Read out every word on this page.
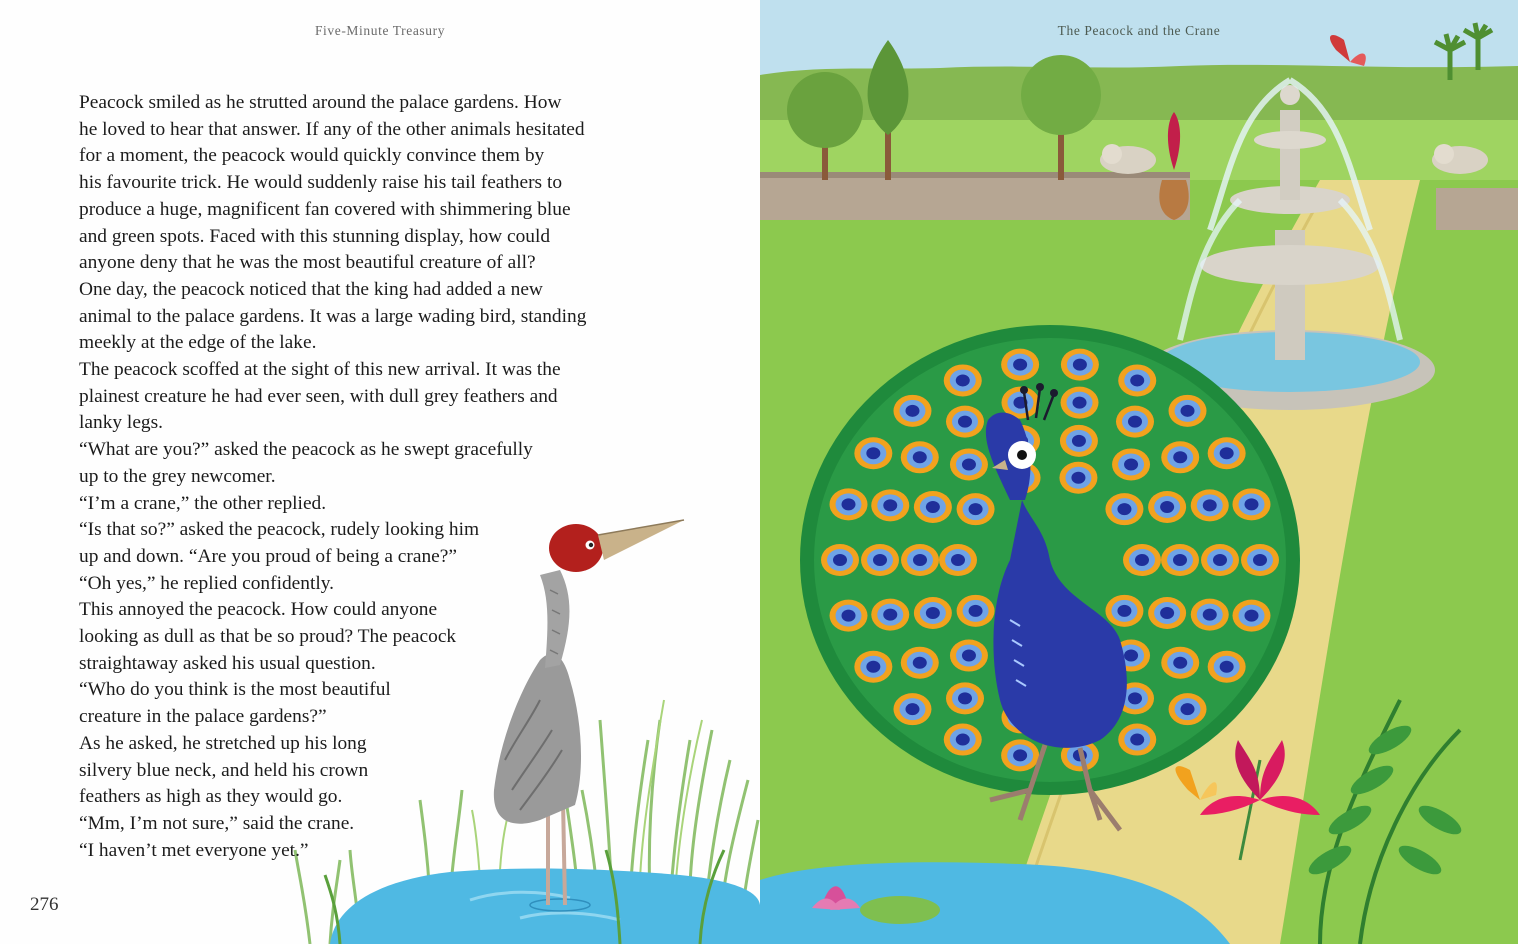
Five-Minute Treasury

Peacock smiled as he strutted around the palace gardens. How

he loved to hear that answer. If any of the other animals hesitated

for a moment, the peacock would quickly convince them by

his favourite trick. He would suddenly raise his tail feathers to

produce a huge, magnificent fan covered with shimmering blue

and green spots. Faced with this stunning display, how could

anyone deny that he was the most beautiful creature of all?

One day, the peacock noticed that the king had added a new

animal to the palace gardens. It was a large wading bird, standing

meekly at the edge of the lake.

The peacock scoffed at the sight of this new arrival. It was the

plainest creature he had ever seen, with dull grey feathers and

lanky legs.

“What are you?” asked the peacock as he swept gracefully

up to the grey newcomer.

“I’m a crane,” the other replied.

“Is that so?” asked the peacock, rudely looking him

up and down. “Are you proud of being a crane?”

“Oh yes,” he replied confidently.

This annoyed the peacock. How could anyone

looking as dull as that be so proud? The peacock

straightaway asked his usual question.

“Who do you think is the most beautiful

creature in the palace gardens?”

As he asked, he stretched up his long

silvery blue neck, and held his crown

feathers as high as they would go.

“Mm, I’m not sure,” said the crane.

“I haven’t met everyone yet.”

276
The Peacock and the Crane
